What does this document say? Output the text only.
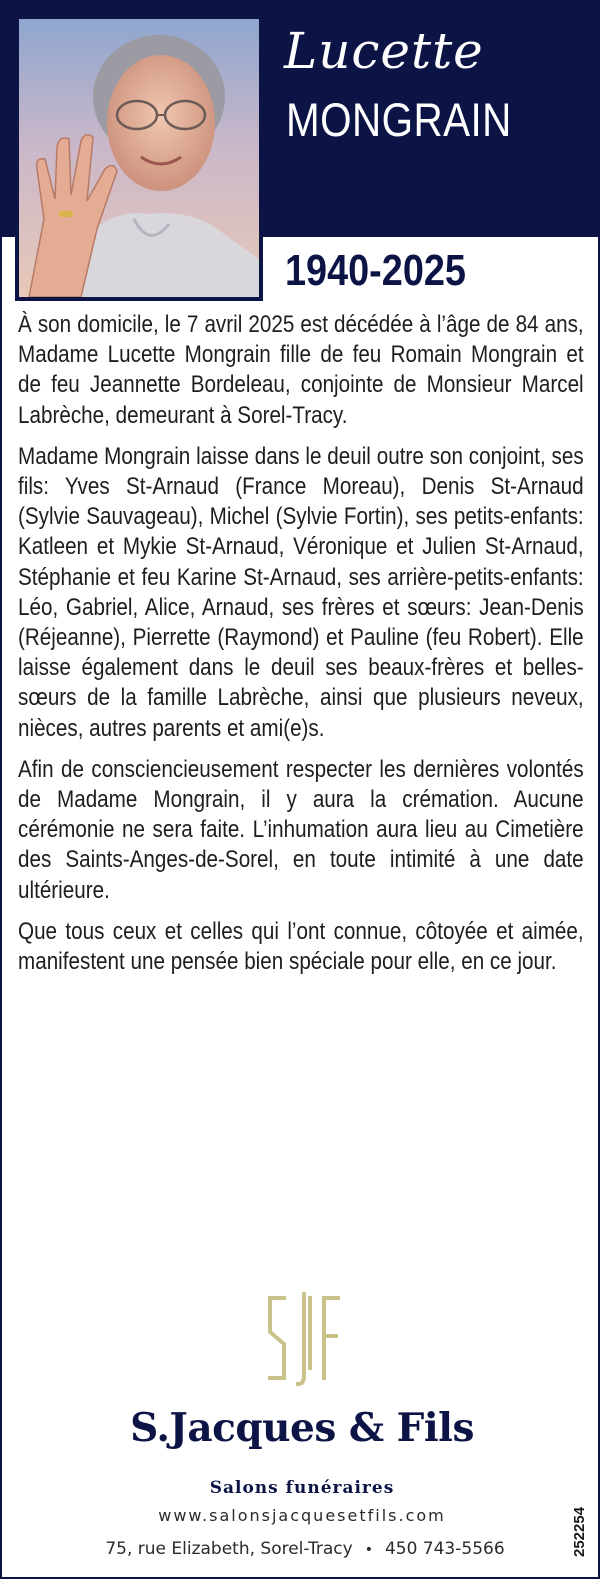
Lucette
MONGRAIN
1940-2025

À son domicile, le 7 avril 2025 est décédée à l’âge de 84 ans, Madame Lucette Mongrain fille de feu Romain Mongrain et de feu Jeannette Bordeleau, conjointe de Monsieur Marcel Labrèche, demeurant à Sorel-Tracy.

Madame Mongrain laisse dans le deuil outre son conjoint, ses fils: Yves St-Arnaud (France Moreau), Denis St-Arnaud (Sylvie Sauvageau), Michel (Sylvie Fortin), ses petits-enfants: Katleen et Mykie St-Arnaud, Véronique et Julien St-Arnaud, Stéphanie et feu Karine St-Arnaud, ses arrière-petits-enfants: Léo, Gabriel, Alice, Arnaud, ses frères et sœurs: Jean-Denis (Réjeanne), Pierrette (Raymond) et Pauline (feu Robert). Elle laisse également dans le deuil ses beaux-frères et belles-sœurs de la famille Labrèche, ainsi que plusieurs neveux, nièces, autres parents et ami(e)s.

Afin de consciencieusement respecter les dernières volontés de Madame Mongrain, il y aura la crémation. Aucune cérémonie ne sera faite. L’inhumation aura lieu au Cimetière des Saints-Anges-de-Sorel, en toute intimité à une date ultérieure.

Que tous ceux et celles qui l’ont connue, côtoyée et aimée, manifestent une pensée bien spéciale pour elle, en ce jour.

S.Jacques & Fils
Salons funéraires
www.salonsjacquesetfils.com
75, rue Elizabeth, Sorel-Tracy • 450 743-5566	252254
